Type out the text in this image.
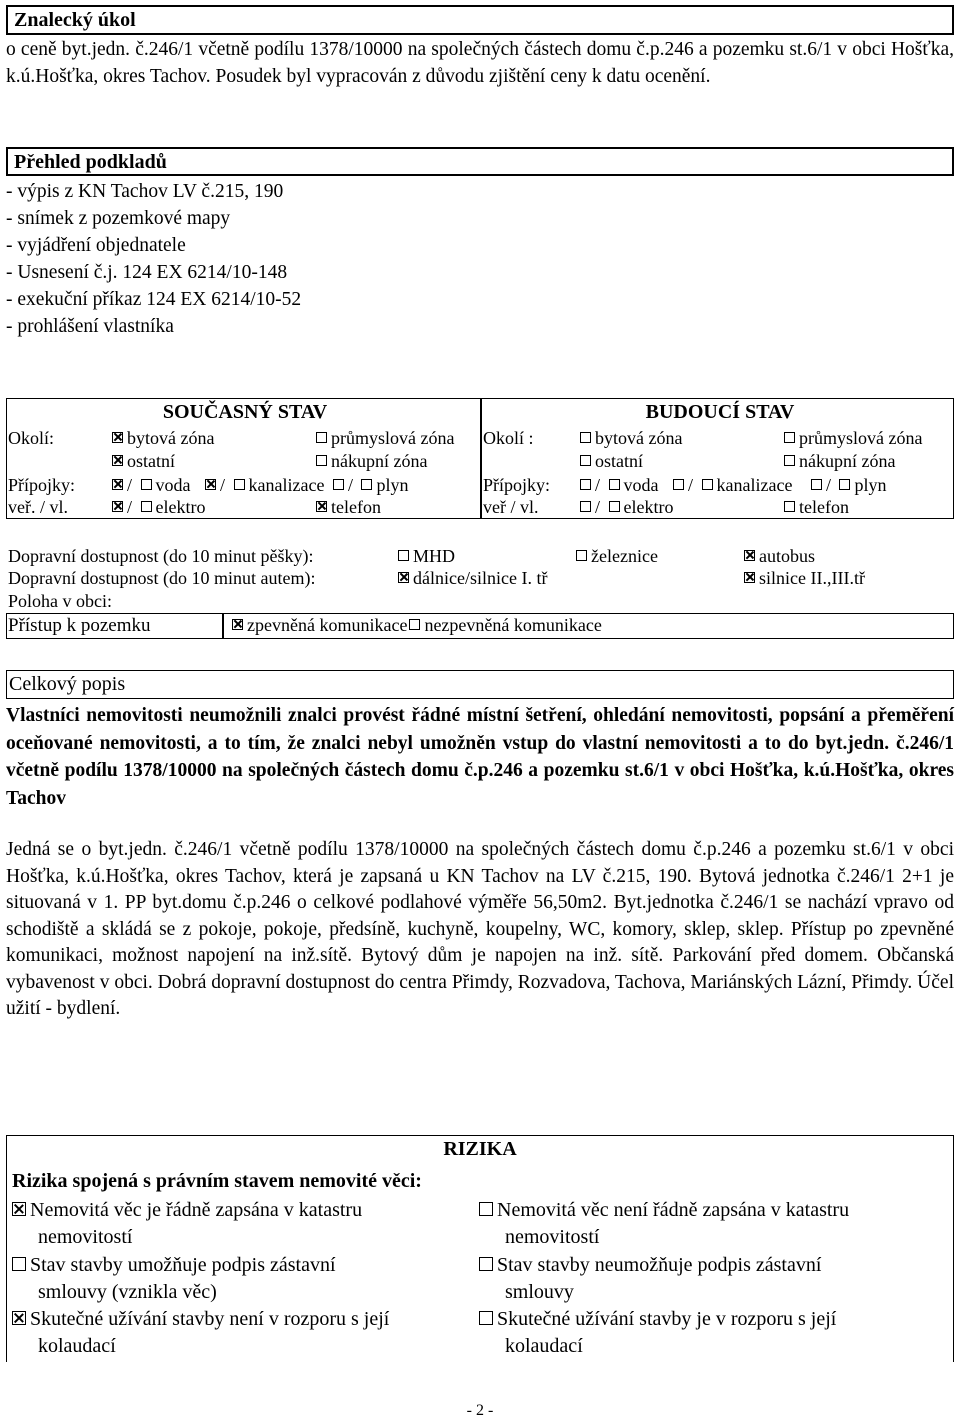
Znalecký úkol
o ceně byt.jedn. č.246/1 včetně podílu 1378/10000 na společných částech domu č.p.246 a pozemku st.6/1 v obci Hošťka, k.ú.Hošťka, okres Tachov. Posudek byl vypracován z důvodu zjištění ceny k datu ocenění.
Přehled podkladů
- výpis z KN Tachov LV č.215, 190
- snímek z pozemkové mapy
- vyjádření objednatele
- Usnesení č.j. 124 EX 6214/10-148
- exekuční příkaz 124 EX 6214/10-52
- prohlášení vlastníka
SOUČASNÝ STAV	BUDOUCÍ STAV
Okolí:	bytová zóna	průmyslová zóna
ostatní	nákupní zóna
Přípojky:	/ voda / kanalizace / plyn
veř. / vl.	/ elektro	telefon
Okolí :	bytová zóna	průmyslová zóna
ostatní	nákupní zóna
Přípojky:	/ voda / kanalizace / plyn
veř / vl.	/ elektro	telefon
Dopravní dostupnost (do 10 minut pěšky):	MHD	železnice	autobus
Dopravní dostupnost (do 10 minut autem):	dálnice/silnice I. tř	silnice II.,III.tř
Poloha v obci:
Přístup k pozemku	zpevněná komunikace nezpevněná komunikace
Celkový popis
Vlastníci nemovitosti neumožnili znalci provést řádné místní šetření, ohledání nemovitosti, popsání a přeměření oceňované nemovitosti, a to tím, že znalci nebyl umožněn vstup do vlastní nemovitosti a to do byt.jedn. č.246/1 včetně podílu 1378/10000 na společných částech domu č.p.246 a pozemku st.6/1 v obci Hošťka, k.ú.Hošťka, okres Tachov
Jedná se o byt.jedn. č.246/1 včetně podílu 1378/10000 na společných částech domu č.p.246 a pozemku st.6/1 v obci Hošťka, k.ú.Hošťka, okres Tachov, která je zapsaná u KN Tachov na LV č.215, 190. Bytová jednotka č.246/1 2+1 je situovaná v 1. PP byt.domu č.p.246 o celkové podlahové výměře 56,50m2. Byt.jednotka č.246/1 se nachází vpravo od schodiště a skládá se z pokoje, pokoje, předsíně, kuchyně, koupelny, WC, komory, sklep, sklep. Přístup po zpevněné komunikaci, možnost napojení na inž.sítě. Bytový dům je napojen na inž. sítě. Parkování před domem. Občanská vybavenost v obci. Dobrá dopravní dostupnost do centra Přimdy, Rozvadova, Tachova, Mariánských Lázní, Přimdy. Účel užití - bydlení.
RIZIKA
Rizika spojená s právním stavem nemovité věci:
Nemovitá věc je řádně zapsána v katastru
nemovitostí
Stav stavby umožňuje podpis zástavní
smlouvy (vznikla věc)
Skutečné užívání stavby není v rozporu s její
kolaudací
Nemovitá věc není řádně zapsána v katastru
nemovitostí
Stav stavby neumožňuje podpis zástavní
smlouvy
Skutečné užívání stavby je v rozporu s její
kolaudací
- 2 -
